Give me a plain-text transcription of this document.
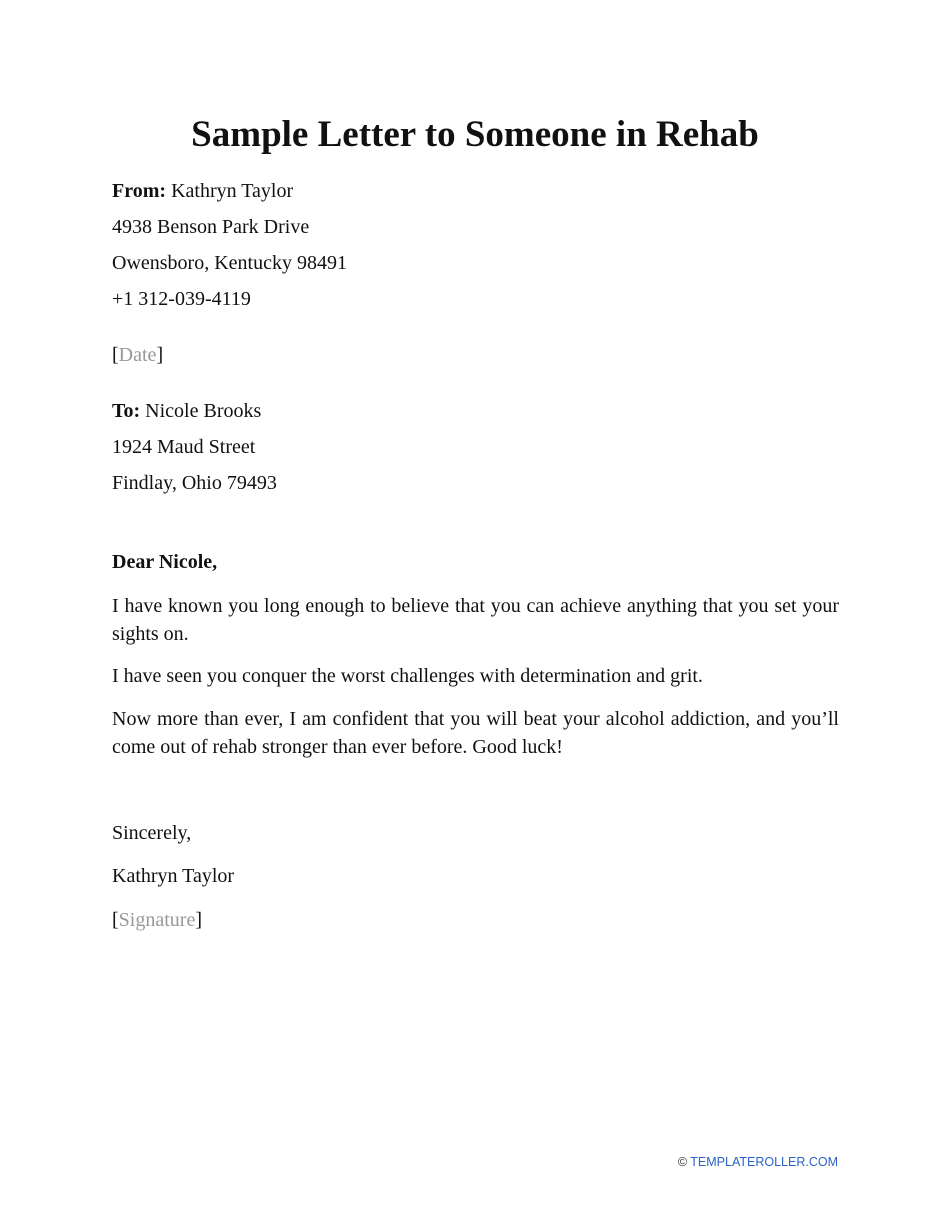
Sample Letter to Someone in Rehab
From: Kathryn Taylor
4938 Benson Park Drive
Owensboro, Kentucky 98491
+1 312-039-4119
[Date]
To: Nicole Brooks
1924 Maud Street
Findlay, Ohio 79493
Dear Nicole,

I have known you long enough to believe that you can achieve anything that you set your sights on.

I have seen you conquer the worst challenges with determination and grit.

Now more than ever, I am confident that you will beat your alcohol addiction, and you’ll come out of rehab stronger than ever before. Good luck!

Sincerely,
Kathryn Taylor
[Signature]
© TEMPLATEROLLER.COM
